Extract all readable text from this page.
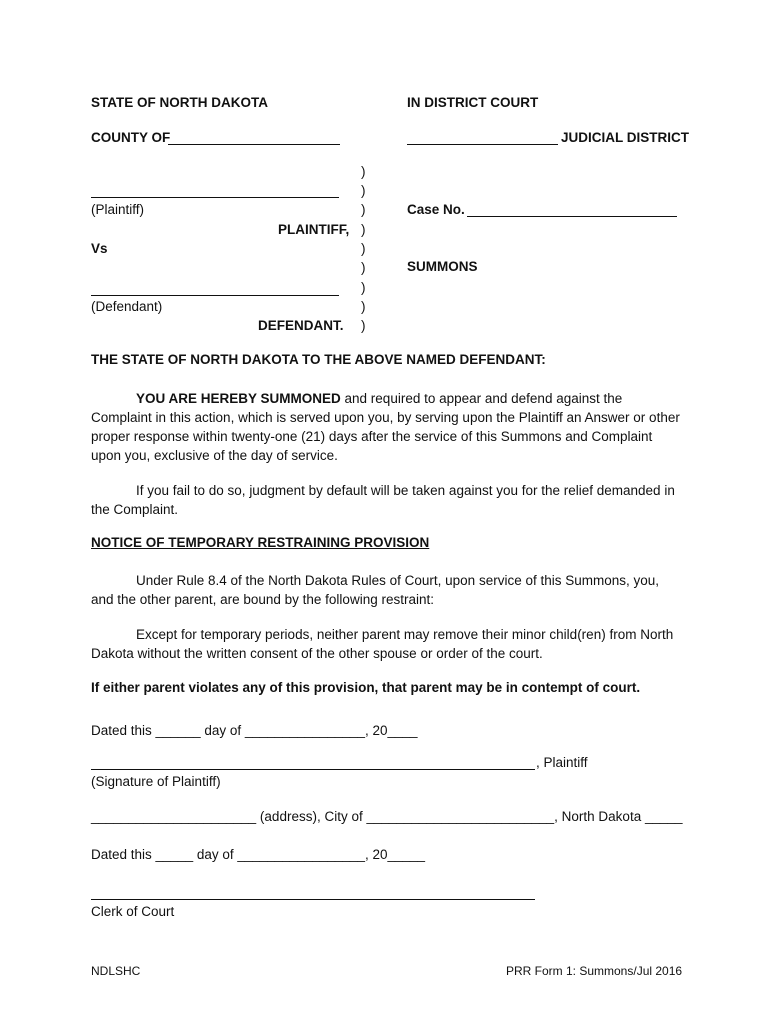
STATE OF NORTH DAKOTA	IN DISTRICT COURT
COUNTY OF	JUDICIAL DISTRICT
)
)
)
)
)
)
)
)
)
(Plaintiff)
PLAINTIFF,
Vs
(Defendant)
DEFENDANT.
Case No.
SUMMONS
THE STATE OF NORTH DAKOTA TO THE ABOVE NAMED DEFENDANT:

YOU ARE HEREBY SUMMONED and required to appear and defend against the Complaint in this action, which is served upon you, by serving upon the Plaintiff an Answer or other proper response within twenty-one (21) days after the service of this Summons and Complaint upon you, exclusive of the day of service.

If you fail to do so, judgment by default will be taken against you for the relief demanded in the Complaint.

NOTICE OF TEMPORARY RESTRAINING PROVISION

Under Rule 8.4 of the North Dakota Rules of Court, upon service of this Summons, you, and the other parent, are bound by the following restraint:

Except for temporary periods, neither parent may remove their minor child(ren) from North Dakota without the written consent of the other spouse or order of the court.

If either parent violates any of this provision, that parent may be in contempt of court.
Dated this ______ day of ________________, 20____
, Plaintiff
(Signature of Plaintiff)
______________________ (address), City of _________________________, North Dakota _____
Dated this _____ day of _________________, 20_____
Clerk of Court
NDLSHC	PRR Form 1: Summons/Jul 2016
